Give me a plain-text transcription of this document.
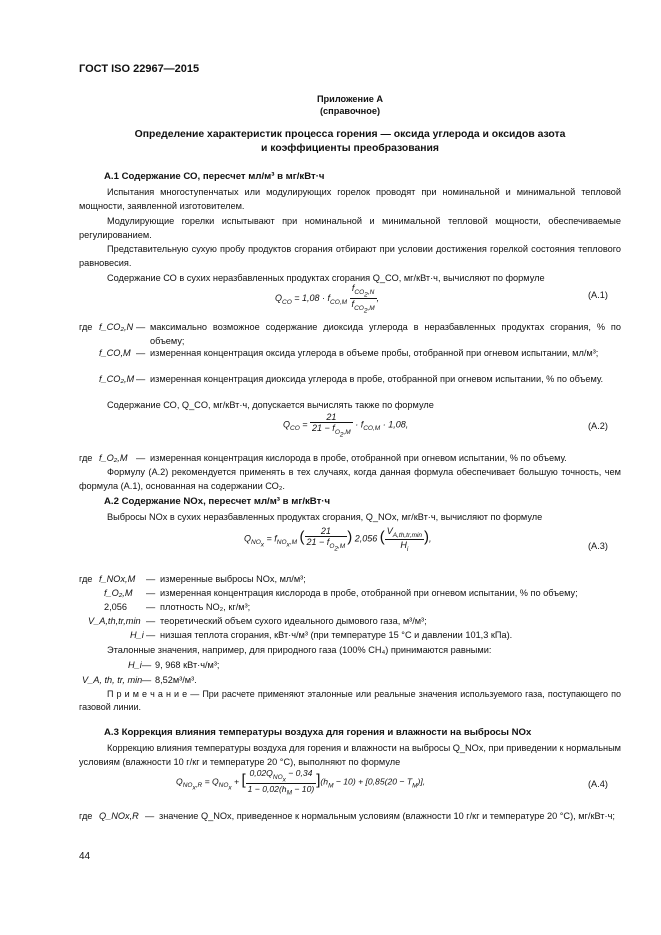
ГОСТ ISO 22967—2015
Приложение А
(справочное)
Определение характеристик процесса горения — оксида углерода и оксидов азота
и коэффициенты преобразования
А.1 Содержание СО, пересчет мл/м³ в мг/кВт·ч
Испытания многоступенчатых или модулирующих горелок проводят при номинальной и минимальной тепловой мощности, заявленной изготовителем.
Модулирующие горелки испытывают при номинальной и минимальной тепловой мощности, обеспечиваемые регулированием.
Представительную сухую пробу продуктов сгорания отбирают при условии достижения горелкой состояния теплового равновесия.
Содержание СО в сухих неразбавленных продуктах сгорания Q_CO, мг/кВт·ч, вычисляют по формуле
$Q_{CO} = 1,08 \cdot f_{CO,M} \frac{f_{CO_2,N}}{f_{CO_2,M}}$ ,	(А.1)
где f_CO₂,N — максимально возможное содержание диоксида углерода в неразбавленных продуктах сгорания, % по объему;
f_CO,M — измеренная концентрация оксида углерода в объеме пробы, отобранной при огневом испытании, мл/м³;
f_CO₂,M — измеренная концентрация диоксида углерода в пробе, отобранной при огневом испытании, % по объему.
Содержание СО, Q_CO, мг/кВт·ч, допускается вычислять также по формуле
$Q_{CO} = \frac{21}{21 - f_{O_2,M}} \cdot f_{CO,M} \cdot 1,08$,	(А.2)
где f_O₂,M — измеренная концентрация кислорода в пробе, отобранной при огневом испытании, % по объему.
Формулу (А.2) рекомендуется применять в тех случаях, когда данная формула обеспечивает большую точность, чем формула (А.1), основанная на содержании СО₂.
А.2 Содержание NOx, пересчет мл/м³ в мг/кВт·ч
Выбросы NOx в сухих неразбавленных продуктах сгорания, Q_NOx, мг/кВт·ч, вычисляют по формуле
$Q_{NO_x} = f_{NO_x,M}$ ( $\frac{21}{21 - f_{O_2,M}}$ ) 2,056 ( $\frac{V_{A,th,tr,min}}{H_i}$ ),
(А.3)
где f_NOx,M — измеренные выбросы NOx, мл/м³;
f_O₂,M — измеренная концентрация кислорода в пробе, отобранной при огневом испытании, % по объему;
2,056 — плотность NO₂, кг/м³;
V_A,th,tr,min — теоретический объем сухого идеального дымового газа, м³/м³;
H_i — низшая теплота сгорания, кВт·ч/м³ (при температуре 15 °С и давлении 101,3 кПа).
Эталонные значения, например, для природного газа (100% CH₄) принимаются равными:
H_i — 9, 968 кВт·ч/м³;
V_A, th, tr, min — 8,52м³/м³.
П р и м е ч а н и е — При расчете применяют эталонные или реальные значения используемого газа, поступающего по газовой линии.
А.3 Коррекция влияния температуры воздуха для горения и влажности на выбросы NOx
Коррекцию влияния температуры воздуха для горения и влажности на выбросы Q_NOx, при приведении к нормальным условиям (влажности 10 г/кг и температуре 20 °С), выполняют по формуле
$Q_{NO_x,R} = Q_{NO_x}$ + [ $\frac{0,02Q_{NO_x} - 0,34}{1 - 0,02(h_M - 10)} ](h_M - 10) + [0,85(20 - T_M)]$,	(А.4)
где Q_NOx,R — значение Q_NOx, приведенное к нормальным условиям (влажности 10 г/кг и температуре 20 °С), мг/кВт·ч;
44
